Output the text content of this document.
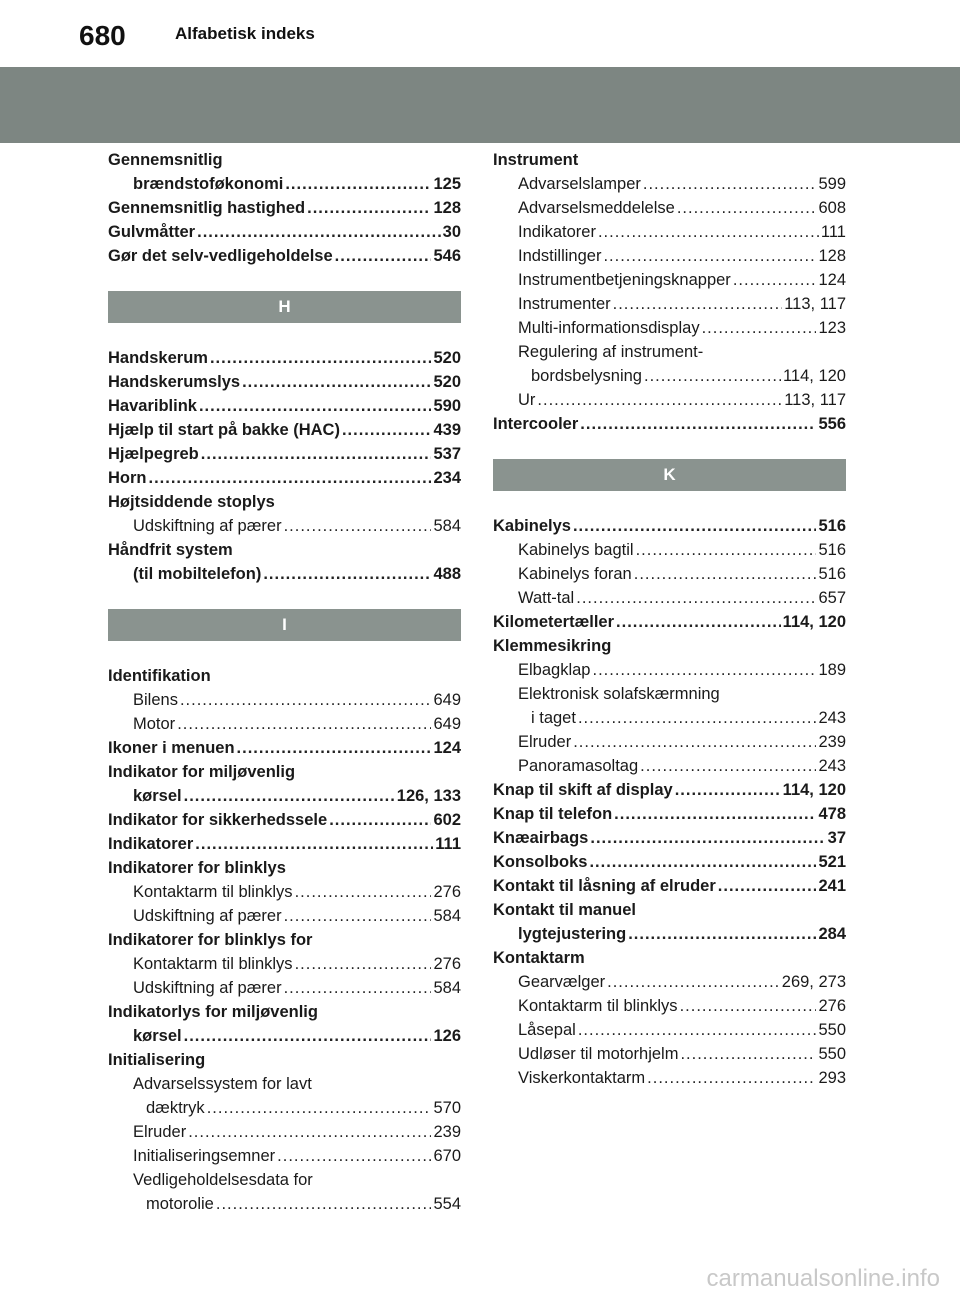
680	Alfabetisk indeks
Gennemsnitlig
brændstoføkonomi .....	125
Gennemsnitlig hastighed .....	128
Gulvmåtter .....	30
Gør det selv-vedligeholdelse .....	546
H
Handskerum .....	520
Handskerumslys .....	520
Havariblink .....	590
Hjælp til start på bakke (HAC) .....	439
Hjælpegreb .....	537
Horn .....	234
Højtsiddende stoplys
Udskiftning af pærer .....	584
Håndfrit system
(til mobiltelefon) .....	488
I
Identifikation
Bilens .....	649
Motor .....	649
Ikoner i menuen .....	124
Indikator for miljøvenlig
kørsel .....	126, 133
Indikator for sikkerhedssele .....	602
Indikatorer .....	111
Indikatorer for blinklys
Kontaktarm til blinklys .....	276
Udskiftning af pærer .....	584
Indikatorer for blinklys for
Kontaktarm til blinklys .....	276
Udskiftning af pærer .....	584
Indikatorlys for miljøvenlig
kørsel .....	126
Initialisering
Advarselssystem for lavt
dæktryk .....	570
Elruder .....	239
Initialiseringsemner .....	670
Vedligeholdelsesdata for
motorolie .....	554
Instrument
Advarselslamper .....	599
Advarselsmeddelelse .....	608
Indikatorer .....	111
Indstillinger .....	128
Instrumentbetjeningsknapper .....	124
Instrumenter .....	113, 117
Multi-informationsdisplay .....	123
Regulering af instrument-
bordsbelysning .....	114, 120
Ur .....	113, 117
Intercooler .....	556
K
Kabinelys .....	516
Kabinelys bagtil .....	516
Kabinelys foran .....	516
Watt-tal .....	657
Kilometertæller .....	114, 120
Klemmesikring
Elbagklap .....	189
Elektronisk solafskærmning
i taget .....	243
Elruder .....	239
Panoramasoltag .....	243
Knap til skift af display .....	114, 120
Knap til telefon .....	478
Knæairbags .....	37
Konsolboks .....	521
Kontakt til låsning af elruder .....	241
Kontakt til manuel
lygtejustering .....	284
Kontaktarm
Gearvælger .....	269, 273
Kontaktarm til blinklys .....	276
Låsepal .....	550
Udløser til motorhjelm .....	550
Viskerkontaktarm .....	293
carmanualsonline.info
